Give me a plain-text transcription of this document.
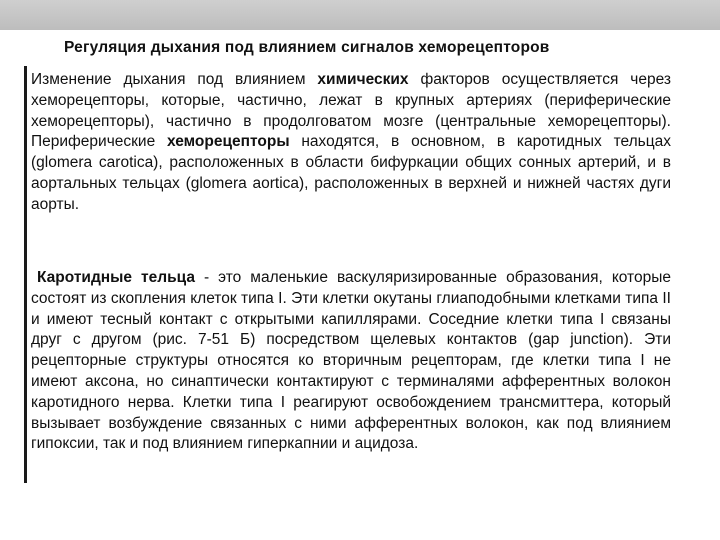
Регуляция дыхания под влиянием сигналов хеморецепторов
Изменение дыхания под влиянием химических факторов осуществляется через хеморецепторы, которые, частично, лежат в крупных артериях (периферические хеморецепторы), частично в продолговатом мозге (центральные хеморецепторы). Периферические хеморецепторы находятся, в основном, в каротидных тельцах (glomera carotica), расположенных в области бифуркации общих сонных артерий, и в аортальных тельцах (glomera aortica), расположенных в верхней и нижней частях дуги аорты.
Каротидные тельца - это маленькие васкуляризированные образования, которые состоят из скопления клеток типа I. Эти клетки окутаны глиаподобными клетками типа II и имеют тесный контакт с открытыми капиллярами. Соседние клетки типа I связаны друг с другом (рис. 7-51 Б) посредством щелевых контактов (gap junction). Эти рецепторные структуры относятся ко вторичным рецепторам, где клетки типа I не имеют аксона, но синаптически контактируют с терминалями афферентных волокон каротидного нерва. Клетки типа I реагируют освобождением трансмиттера, который вызывает возбуждение связанных с ними афферентных волокон, как под влиянием гипоксии, так и под влиянием гиперкапнии и ацидоза.
